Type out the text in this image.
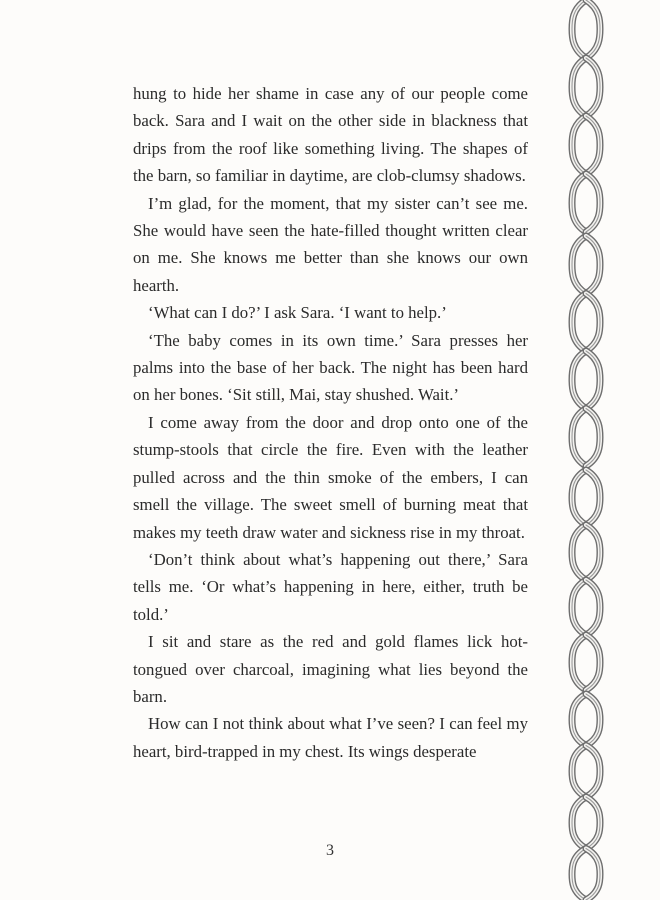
hung to hide her shame in case any of our people come back. Sara and I wait on the other side in blackness that drips from the roof like something living. The shapes of the barn, so familiar in daytime, are clob-clumsy shadows.

I’m glad, for the moment, that my sister can’t see me. She would have seen the hate-filled thought written clear on me. She knows me better than she knows our own hearth.

‘What can I do?’ I ask Sara. ‘I want to help.’

‘The baby comes in its own time.’ Sara presses her palms into the base of her back. The night has been hard on her bones. ‘Sit still, Mai, stay shushed. Wait.’

I come away from the door and drop onto one of the stump-stools that circle the fire. Even with the leather pulled across and the thin smoke of the embers, I can smell the village. The sweet smell of burning meat that makes my teeth draw water and sickness rise in my throat.

‘Don’t think about what’s happening out there,’ Sara tells me. ‘Or what’s happening in here, either, truth be told.’

I sit and stare as the red and gold flames lick hot-tongued over charcoal, imagining what lies beyond the barn.

How can I not think about what I’ve seen? I can feel my heart, bird-trapped in my chest. Its wings desperate

3
